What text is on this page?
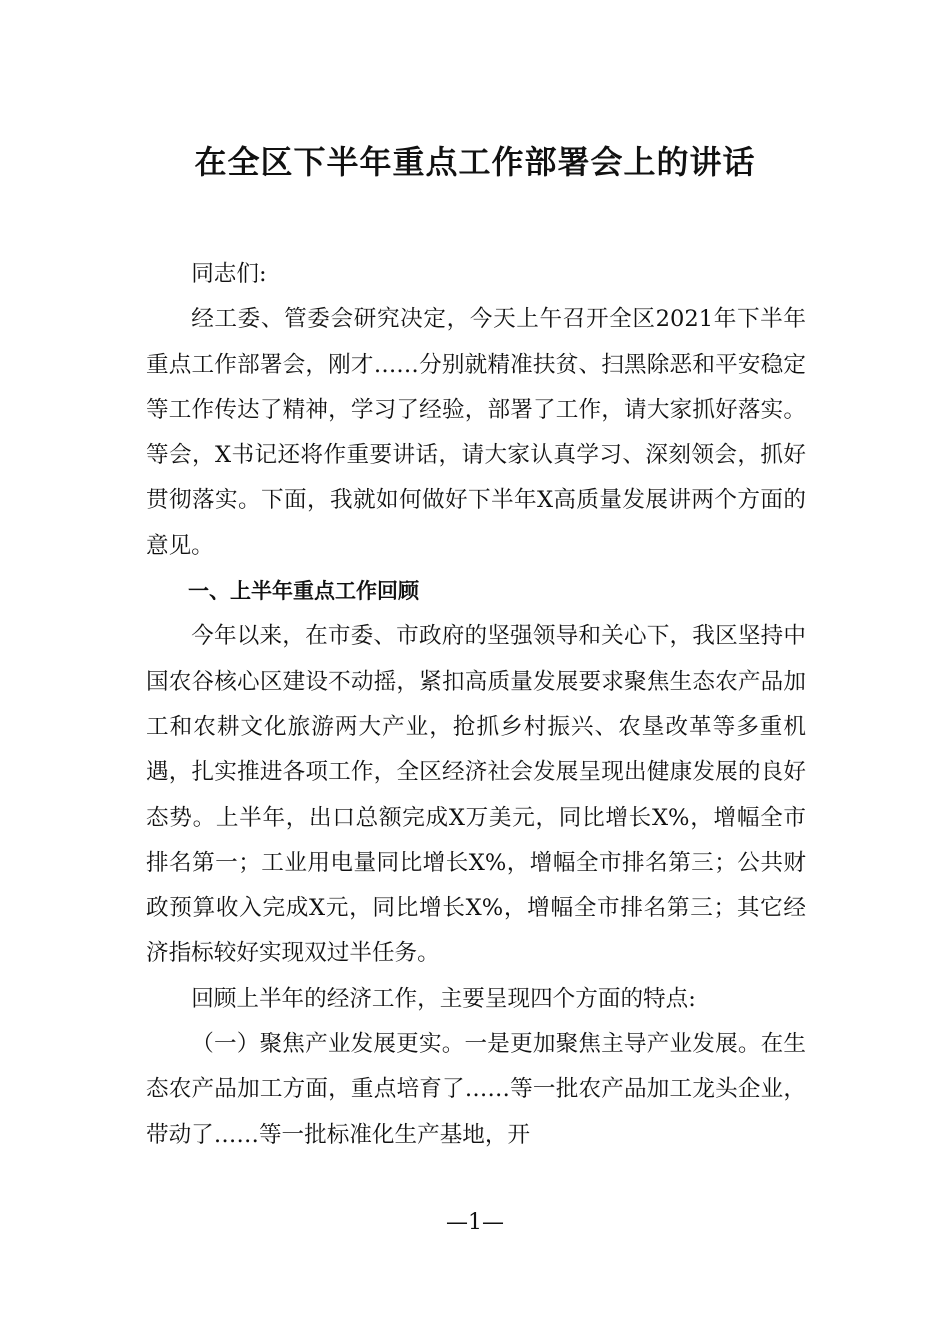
在全区下半年重点工作部署会上的讲话

同志们:

经工委、管委会研究决定，今天上午召开全区2021年下半年重点工作部署会，刚才……分别就精准扶贫、扫黑除恶和平安稳定等工作传达了精神，学习了经验，部署了工作，请大家抓好落实。等会，X书记还将作重要讲话，请大家认真学习、深刻领会，抓好贯彻落实。下面，我就如何做好下半年X高质量发展讲两个方面的意见。

一、上半年重点工作回顾

今年以来，在市委、市政府的坚强领导和关心下，我区坚持中国农谷核心区建设不动摇，紧扣高质量发展要求聚焦生态农产品加工和农耕文化旅游两大产业，抢抓乡村振兴、农垦改革等多重机遇，扎实推进各项工作，全区经济社会发展呈现出健康发展的良好态势。上半年，出口总额完成X万美元，同比增长X%，增幅全市排名第一；工业用电量同比增长X%，增幅全市排名第三；公共财政预算收入完成X元，同比增长X%，增幅全市排名第三；其它经济指标较好实现双过半任务。

回顾上半年的经济工作，主要呈现四个方面的特点:

（一）聚焦产业发展更实。一是更加聚焦主导产业发展。在生态农产品加工方面，重点培育了……等一批农产品加工龙头企业，带动了……等一批标准化生产基地，开

—1—
